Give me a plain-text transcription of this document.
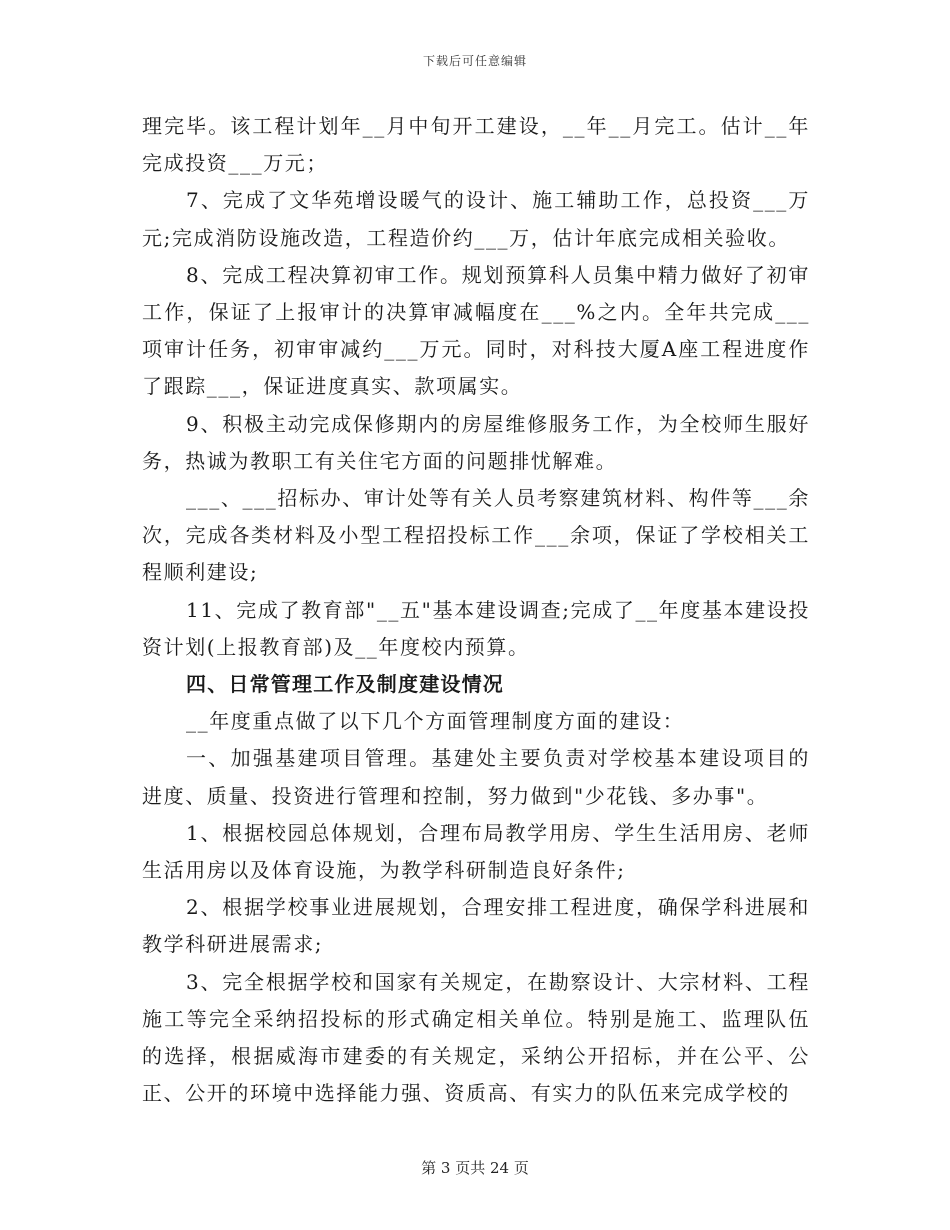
下载后可任意编辑

理完毕。该工程计划年__月中旬开工建设，__年__月完工。估计__年完成投资___万元；

7、完成了文华苑增设暖气的设计、施工辅助工作，总投资___万元;完成消防设施改造，工程造价约___万，估计年底完成相关验收。

8、完成工程决算初审工作。规划预算科人员集中精力做好了初审工作，保证了上报审计的决算审减幅度在___%之内。全年共完成___项审计任务，初审审减约___万元。同时，对科技大厦A座工程进度作了跟踪___，保证进度真实、款项属实。

9、积极主动完成保修期内的房屋维修服务工作，为全校师生服好务，热诚为教职工有关住宅方面的问题排忧解难。

___、___招标办、审计处等有关人员考察建筑材料、构件等___余次，完成各类材料及小型工程招投标工作___余项，保证了学校相关工程顺利建设;

11、完成了教育部"__五"基本建设调查;完成了__年度基本建设投资计划(上报教育部)及__年度校内预算。

四、日常管理工作及制度建设情况

__年度重点做了以下几个方面管理制度方面的建设：

一、加强基建项目管理。基建处主要负责对学校基本建设项目的进度、质量、投资进行管理和控制，努力做到"少花钱、多办事"。

1、根据校园总体规划，合理布局教学用房、学生生活用房、老师生活用房以及体育设施，为教学科研制造良好条件;

2、根据学校事业进展规划，合理安排工程进度，确保学科进展和教学科研进展需求;

3、完全根据学校和国家有关规定，在勘察设计、大宗材料、工程施工等完全采纳招投标的形式确定相关单位。特别是施工、监理队伍的选择，根据威海市建委的有关规定，采纳公开招标，并在公平、公正、公开的环境中选择能力强、资质高、有实力的队伍来完成学校的

第 3 页共 24 页
